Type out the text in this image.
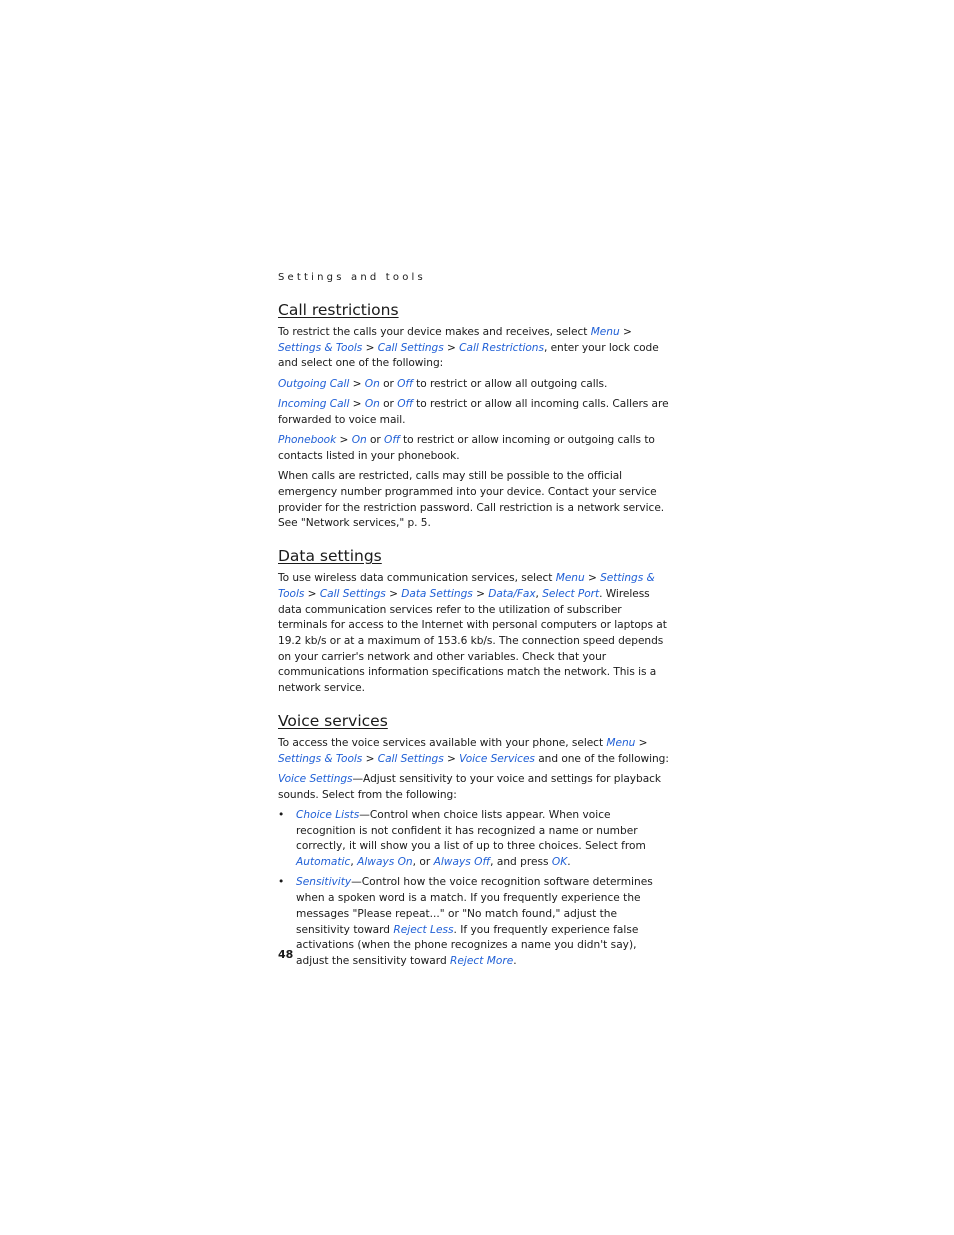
Settings and tools
Call restrictions

To restrict the calls your device makes and receives, select Menu > Settings & Tools > Call Settings > Call Restrictions, enter your lock code and select one of the following:

Outgoing Call > On or Off to restrict or allow all outgoing calls.

Incoming Call > On or Off to restrict or allow all incoming calls. Callers are forwarded to voice mail.

Phonebook > On or Off to restrict or allow incoming or outgoing calls to contacts listed in your phonebook.

When calls are restricted, calls may still be possible to the official emergency number programmed into your device. Contact your service provider for the restriction password. Call restriction is a network service. See "Network services," p. 5.

Data settings

To use wireless data communication services, select Menu > Settings & Tools > Call Settings > Data Settings > Data/Fax, Select Port. Wireless data communication services refer to the utilization of subscriber terminals for access to the Internet with personal computers or laptops at 19.2 kb/s or at a maximum of 153.6 kb/s. The connection speed depends on your carrier's network and other variables. Check that your communications information specifications match the network. This is a network service.

Voice services

To access the voice services available with your phone, select Menu > Settings & Tools > Call Settings > Voice Services and one of the following:

Voice Settings—Adjust sensitivity to your voice and settings for playback sounds. Select from the following:

• Choice Lists—Control when choice lists appear. When voice recognition is not confident it has recognized a name or number correctly, it will show you a list of up to three choices. Select from Automatic, Always On, or Always Off, and press OK.
• Sensitivity—Control how the voice recognition software determines when a spoken word is a match. If you frequently experience the messages "Please repeat..." or "No match found," adjust the sensitivity toward Reject Less. If you frequently experience false activations (when the phone recognizes a name you didn't say), adjust the sensitivity toward Reject More.
48
